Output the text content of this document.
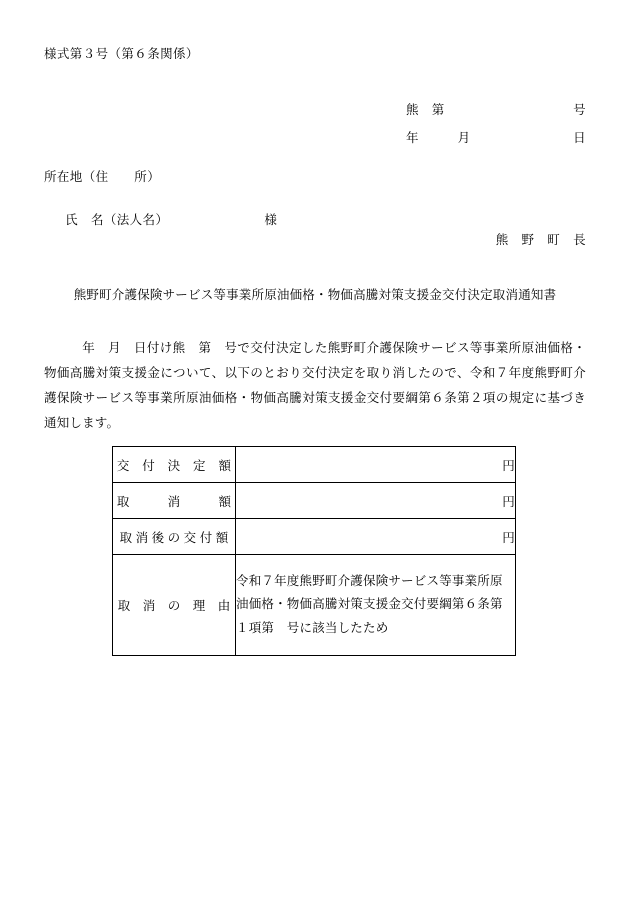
様式第３号（第６条関係）
熊　第	号
年　　　月	日
所在地（住　　所）

氏　名（法人名）	様

熊　野　町　長
熊野町介護保険サービス等事業所原油価格・物価高騰対策支援金交付決定取消通知書
年　月　日付け熊　第　号で交付決定した熊野町介護保険サービス等事業所原油価格・物価高騰対策支援金について、以下のとおり交付決定を取り消したので、令和７年度熊野町介護保険サービス等事業所原油価格・物価高騰対策支援金交付要綱第６条第２項の規定に基づき通知します。
交　付　決　定　額	円
取　　　消　　　額	円
取 消 後 の 交 付 額	円
取　消　の　理　由	令和７年度熊野町介護保険サービス等事業所原油価格・物価高騰対策支援金交付要綱第６条第１項第　号に該当したため
